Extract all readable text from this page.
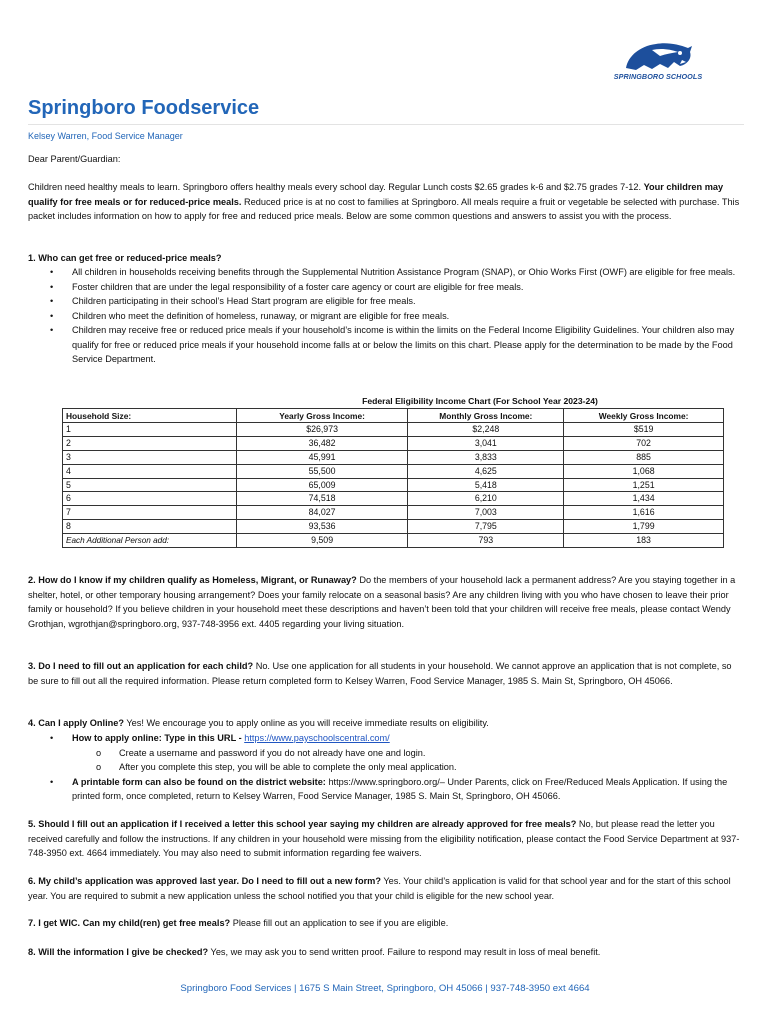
SPRINGBORO SCHOOLS
Springboro Foodservice
Kelsey Warren, Food Service Manager

Dear Parent/Guardian:

Children need healthy meals to learn. Springboro offers healthy meals every school day. Regular Lunch costs $2.65 grades k-6 and $2.75 grades 7-12. Your children may qualify for free meals or for reduced-price meals. Reduced price is at no cost to families at Springboro. All meals require a fruit or vegetable be selected with purchase. This packet includes information on how to apply for free and reduced price meals. Below are some common questions and answers to assist you with the process.

1. Who can get free or reduced-price meals?

• All children in households receiving benefits through the Supplemental Nutrition Assistance Program (SNAP), or Ohio Works First (OWF) are eligible for free meals.
• Foster children that are under the legal responsibility of a foster care agency or court are eligible for free meals.
• Children participating in their school’s Head Start program are eligible for free meals.
• Children who meet the definition of homeless, runaway, or migrant are eligible for free meals.
• Children may receive free or reduced price meals if your household’s income is within the limits on the Federal Income Eligibility Guidelines. Your children also may qualify for free or reduced price meals if your household income falls at or below the limits on this chart. Please apply for the determination to be made by the Food Service Department.
Federal Eligibility Income Chart (For School Year 2023-24)
Household Size:	Yearly Gross Income:	Monthly Gross Income:	Weekly Gross Income:
1	$26,973	$2,248	$519
2	36,482	3,041	702
3	45,991	3,833	885
4	55,500	4,625	1,068
5	65,009	5,418	1,251
6	74,518	6,210	1,434
7	84,027	7,003	1,616
8	93,536	7,795	1,799
Each Additional Person add:	9,509	793	183

2. How do I know if my children qualify as Homeless, Migrant, or Runaway? Do the members of your household lack a permanent address? Are you staying together in a shelter, hotel, or other temporary housing arrangement? Does your family relocate on a seasonal basis? Are any children living with you who have chosen to leave their prior family or household? If you believe children in your household meet these descriptions and haven’t been told that your children will receive free meals, please contact Wendy Grothjan, wgrothjan@springboro.org, 937-748-3956 ext. 4405 regarding your living situation.

3. Do I need to fill out an application for each child? No. Use one application for all students in your household. We cannot approve an application that is not complete, so be sure to fill out all the required information. Please return completed form to Kelsey Warren, Food Service Manager, 1985 S. Main St, Springboro, OH 45066.

4. Can I apply Online? Yes! We encourage you to apply online as you will receive immediate results on eligibility.

• How to apply online: Type in this URL - https://www.payschoolscentral.com/
o Create a username and password if you do not already have one and login.
o After you complete this step, you will be able to complete the only meal application.
• A printable form can also be found on the district website: https://www.springboro.org/– Under Parents, click on Free/Reduced Meals Application. If using the printed form, once completed, return to Kelsey Warren, Food Service Manager, 1985 S. Main St, Springboro, OH 45066.

5. Should I fill out an application if I received a letter this school year saying my children are already approved for free meals? No, but please read the letter you received carefully and follow the instructions. If any children in your household were missing from the eligibility notification, please contact the Food Service Department at 937-748-3950 ext. 4664 immediately. You may also need to submit information regarding fee waivers.

6. My child’s application was approved last year. Do I need to fill out a new form? Yes. Your child’s application is valid for that school year and for the start of this school year. You are required to submit a new application unless the school notified you that your child is eligible for the new school year.

7. I get WIC. Can my child(ren) get free meals? Please fill out an application to see if you are eligible.

8. Will the information I give be checked? Yes, we may ask you to send written proof. Failure to respond may result in loss of meal benefit.

Springboro Food Services | 1675 S Main Street, Springboro, OH 45066 | 937-748-3950 ext 4664
